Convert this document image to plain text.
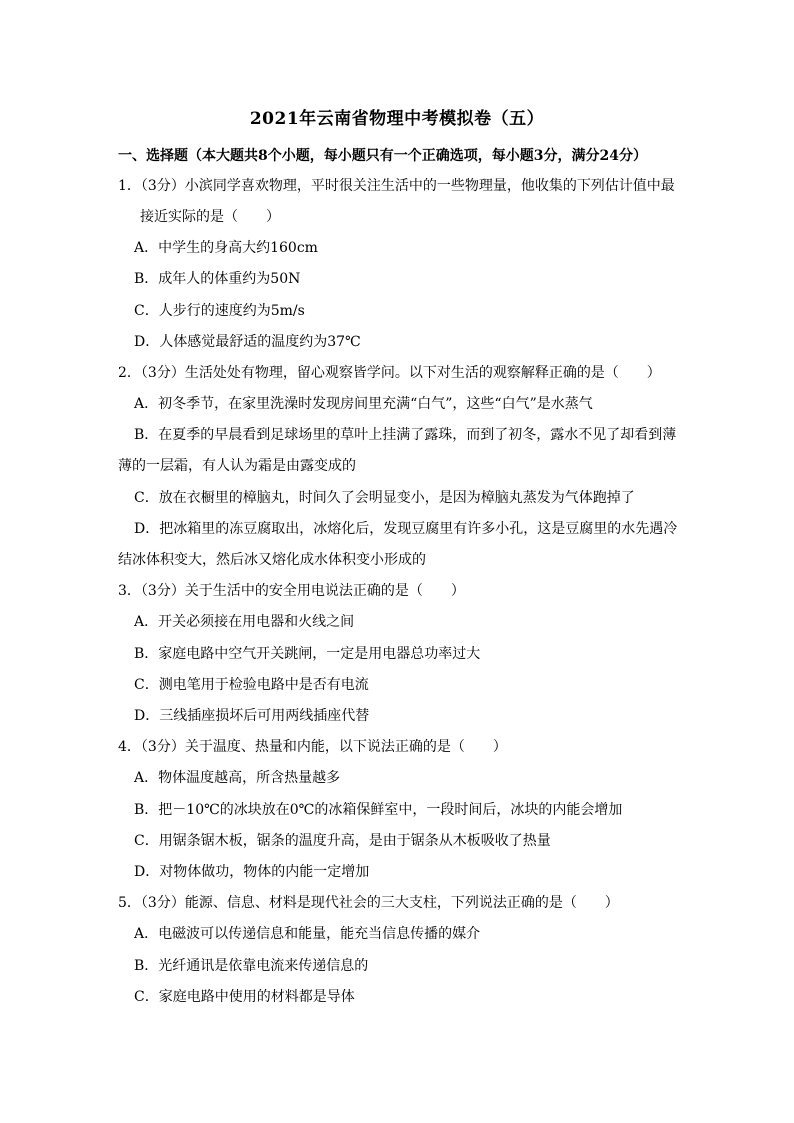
2021年云南省物理中考模拟卷（五）
一、选择题（本大题共8个小题，每小题只有一个正确选项，每小题3分，满分24分）
1．（3分）小滨同学喜欢物理，平时很关注生活中的一些物理量，他收集的下列估计值中最
接近实际的是（　　）
A．中学生的身高大约160cm
B．成年人的体重约为50N
C．人步行的速度约为5m/s
D．人体感觉最舒适的温度约为37℃
2．（3分）生活处处有物理，留心观察皆学问。以下对生活的观察解释正确的是（　　）
A．初冬季节，在家里洗澡时发现房间里充满“白气”，这些“白气”是水蒸气
B．在夏季的早晨看到足球场里的草叶上挂满了露珠，而到了初冬，露水不见了却看到薄
薄的一层霜，有人认为霜是由露变成的
C．放在衣橱里的樟脑丸，时间久了会明显变小，是因为樟脑丸蒸发为气体跑掉了
D．把冰箱里的冻豆腐取出，冰熔化后，发现豆腐里有许多小孔，这是豆腐里的水先遇冷
结冰体积变大，然后冰又熔化成水体积变小形成的
3．（3分）关于生活中的安全用电说法正确的是（　　）
A．开关必须接在用电器和火线之间
B．家庭电路中空气开关跳闸，一定是用电器总功率过大
C．测电笔用于检验电路中是否有电流
D．三线插座损坏后可用两线插座代替
4．（3分）关于温度、热量和内能，以下说法正确的是（　　）
A．物体温度越高，所含热量越多
B．把－10℃的冰块放在0℃的冰箱保鲜室中，一段时间后，冰块的内能会增加
C．用锯条锯木板，锯条的温度升高，是由于锯条从木板吸收了热量
D．对物体做功，物体的内能一定增加
5．（3分）能源、信息、材料是现代社会的三大支柱，下列说法正确的是（　　）
A．电磁波可以传递信息和能量，能充当信息传播的媒介
B．光纤通讯是依靠电流来传递信息的
C．家庭电路中使用的材料都是导体
